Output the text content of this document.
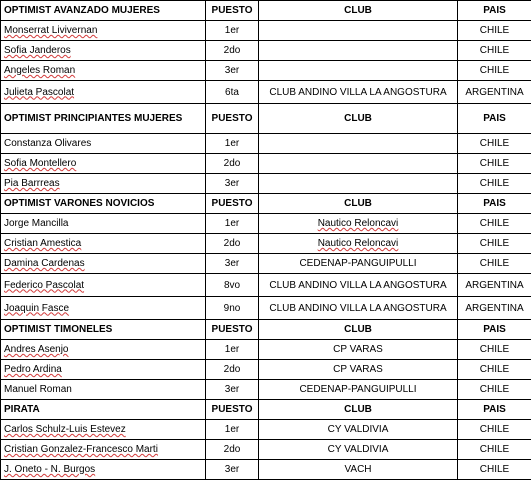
OPTIMIST AVANZADO MUJERES	PUESTO	CLUB	PAIS
Monserrat Livivernan	1er		CHILE
Sofia Janderos	2do		CHILE
Angeles Roman	3er		CHILE
Julieta Pascolat	6ta	CLUB ANDINO VILLA LA ANGOSTURA	ARGENTINA
OPTIMIST PRINCIPIANTES MUJERES	PUESTO	CLUB	PAIS
Constanza Olivares	1er		CHILE
Sofia Montellero	2do		CHILE
Pia Barrreas	3er		CHILE
OPTIMIST VARONES NOVICIOS	PUESTO	CLUB	PAIS
Jorge Mancilla	1er	Nautico Reloncavi	CHILE
Cristian Amestica	2do	Nautico Reloncavi	CHILE
Damina Cardenas	3er	CEDENAP-PANGUIPULLI	CHILE
Federico Pascolat	8vo	CLUB ANDINO VILLA LA ANGOSTURA	ARGENTINA
Joaquin Fasce	9no	CLUB ANDINO VILLA LA ANGOSTURA	ARGENTINA
OPTIMIST TIMONELES	PUESTO	CLUB	PAIS
Andres Asenjo	1er	CP VARAS	CHILE
Pedro Ardina	2do	CP VARAS	CHILE
Manuel Roman	3er	CEDENAP-PANGUIPULLI	CHILE
PIRATA	PUESTO	CLUB	PAIS
Carlos Schulz-Luis Estevez	1er	CY VALDIVIA	CHILE
Cristian Gonzalez-Francesco Marti	2do	CY VALDIVIA	CHILE
J. Oneto - N. Burgos	3er	VACH	CHILE
